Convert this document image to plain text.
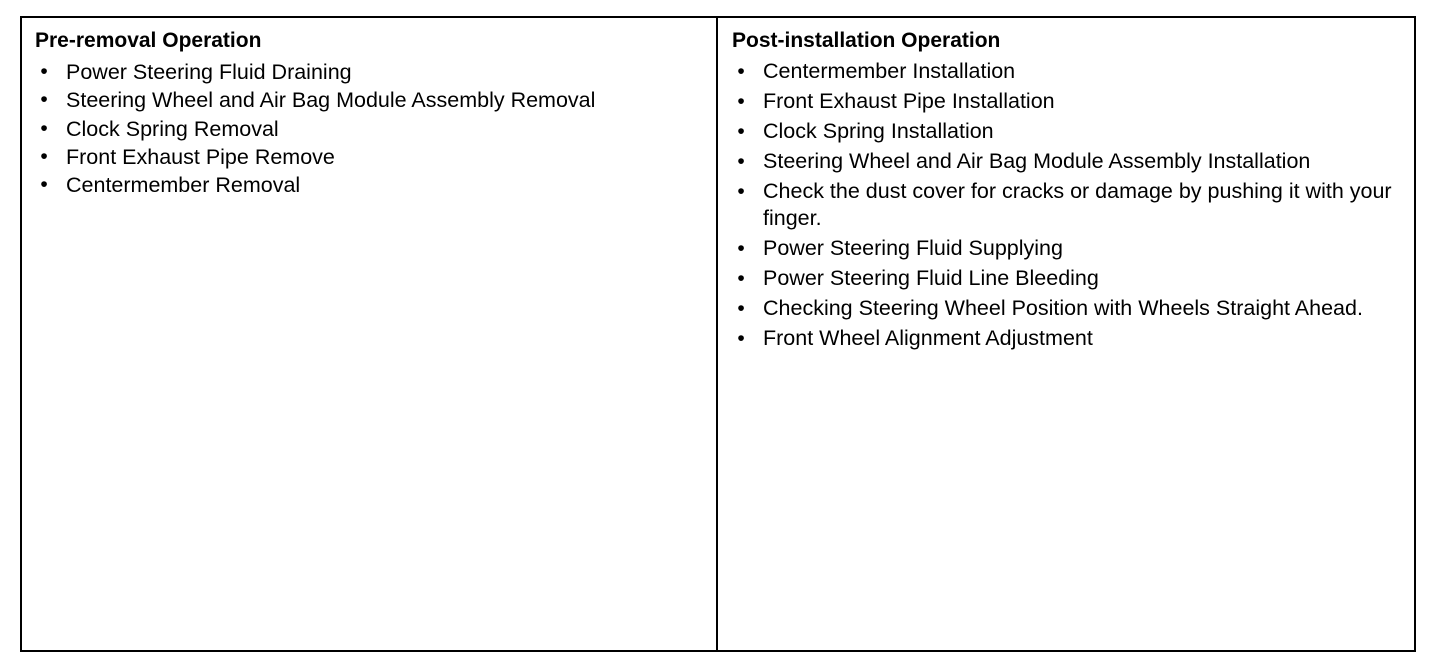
Pre-removal Operation
• Power Steering Fluid Draining
• Steering Wheel and Air Bag Module Assembly Removal
• Clock Spring Removal
• Front Exhaust Pipe Remove
• Centermember Removal
Post-installation Operation
• Centermember Installation
• Front Exhaust Pipe Installation
• Clock Spring Installation
• Steering Wheel and Air Bag Module Assembly Installation
• Check the dust cover for cracks or damage by pushing it with your finger.
• Power Steering Fluid Supplying
• Power Steering Fluid Line Bleeding
• Checking Steering Wheel Position with Wheels Straight Ahead.
• Front Wheel Alignment Adjustment
